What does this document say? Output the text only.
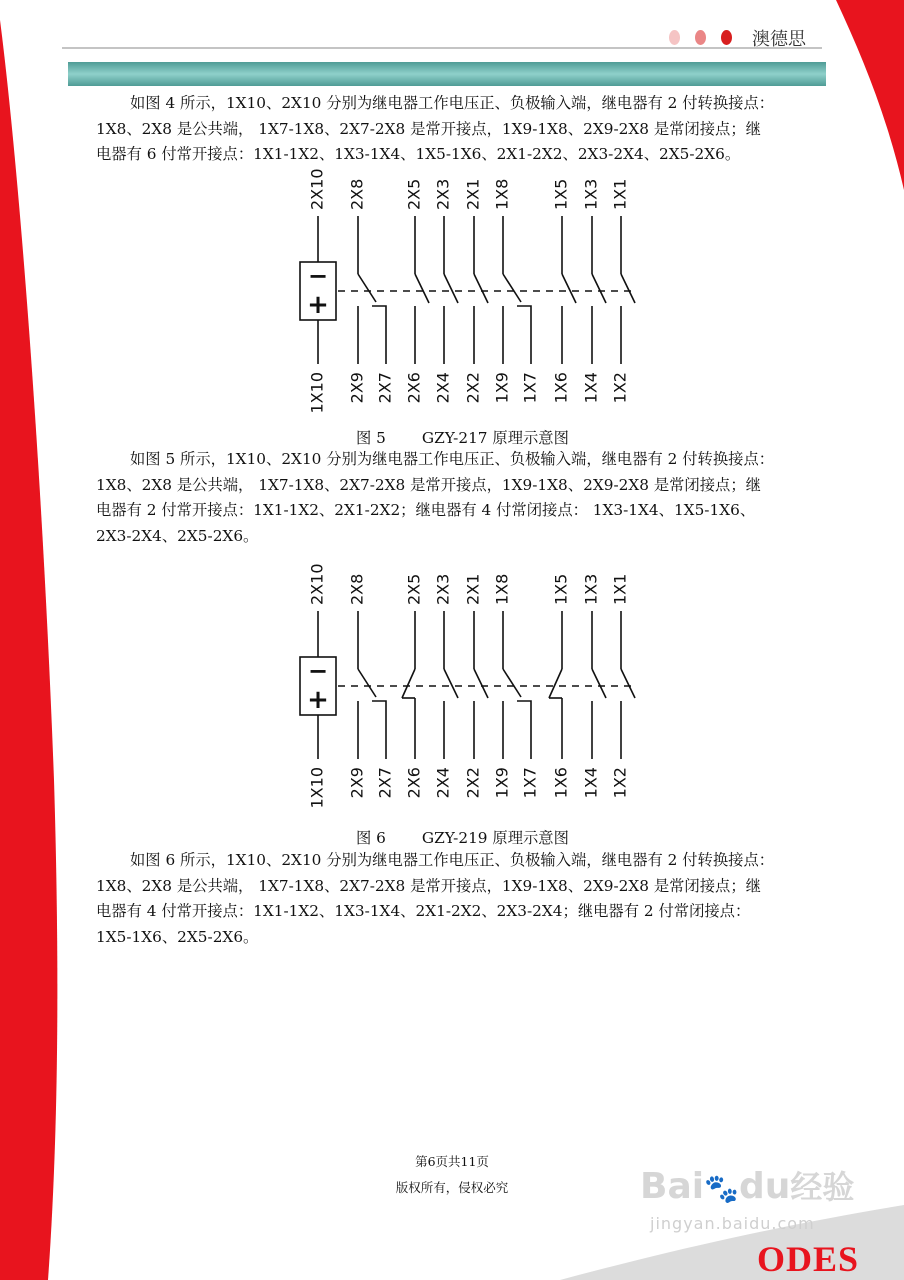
澳德思
如图 4 所示，1X10、2X10 分别为继电器工作电压正、负极输入端，继电器有 2 付转换接点：
1X8、2X8 是公共端， 1X7-1X8、2X7-2X8 是常开接点，1X9-1X8、2X9-2X8 是常闭接点；继
电器有 6 付常开接点：1X1-1X2、1X3-1X4、1X5-1X6、2X1-2X2、2X3-2X4、2X5-2X6。
−
+
2X10
1X10
2X8
2X9 2X7
2X5
2X6
2X3
2X4
2X1
2X2
1X8
1X9 1X7
1X5
1X6
1X3
1X4
1X1
1X2
图 5 GZY-217 原理示意图
如图 5 所示，1X10、2X10 分别为继电器工作电压正、负极输入端，继电器有 2 付转换接点：
1X8、2X8 是公共端， 1X7-1X8、2X7-2X8 是常开接点，1X9-1X8、2X9-2X8 是常闭接点；继
电器有 2 付常开接点：1X1-1X2、2X1-2X2；继电器有 4 付常闭接点： 1X3-1X4、1X5-1X6、
2X3-2X4、2X5-2X6。
−
+
2X10
1X10
2X8
2X9 2X7
2X5
2X6
2X3
2X4
2X1
2X2
1X8
1X9 1X7
1X5
1X6
1X3
1X4
1X1
1X2
图 6 GZY-219 原理示意图
如图 6 所示，1X10、2X10 分别为继电器工作电压正、负极输入端，继电器有 2 付转换接点：
1X8、2X8 是公共端， 1X7-1X8、2X7-2X8 是常开接点，1X9-1X8、2X9-2X8 是常闭接点；继
电器有 4 付常开接点：1X1-1X2、1X3-1X4、2X1-2X2、2X3-2X4；继电器有 2 付常闭接点：
1X5-1X6、2X5-2X6。
第6页共11页
版权所有，侵权必究	Bai🐾du经验
jingyan.baidu.com
ODES
